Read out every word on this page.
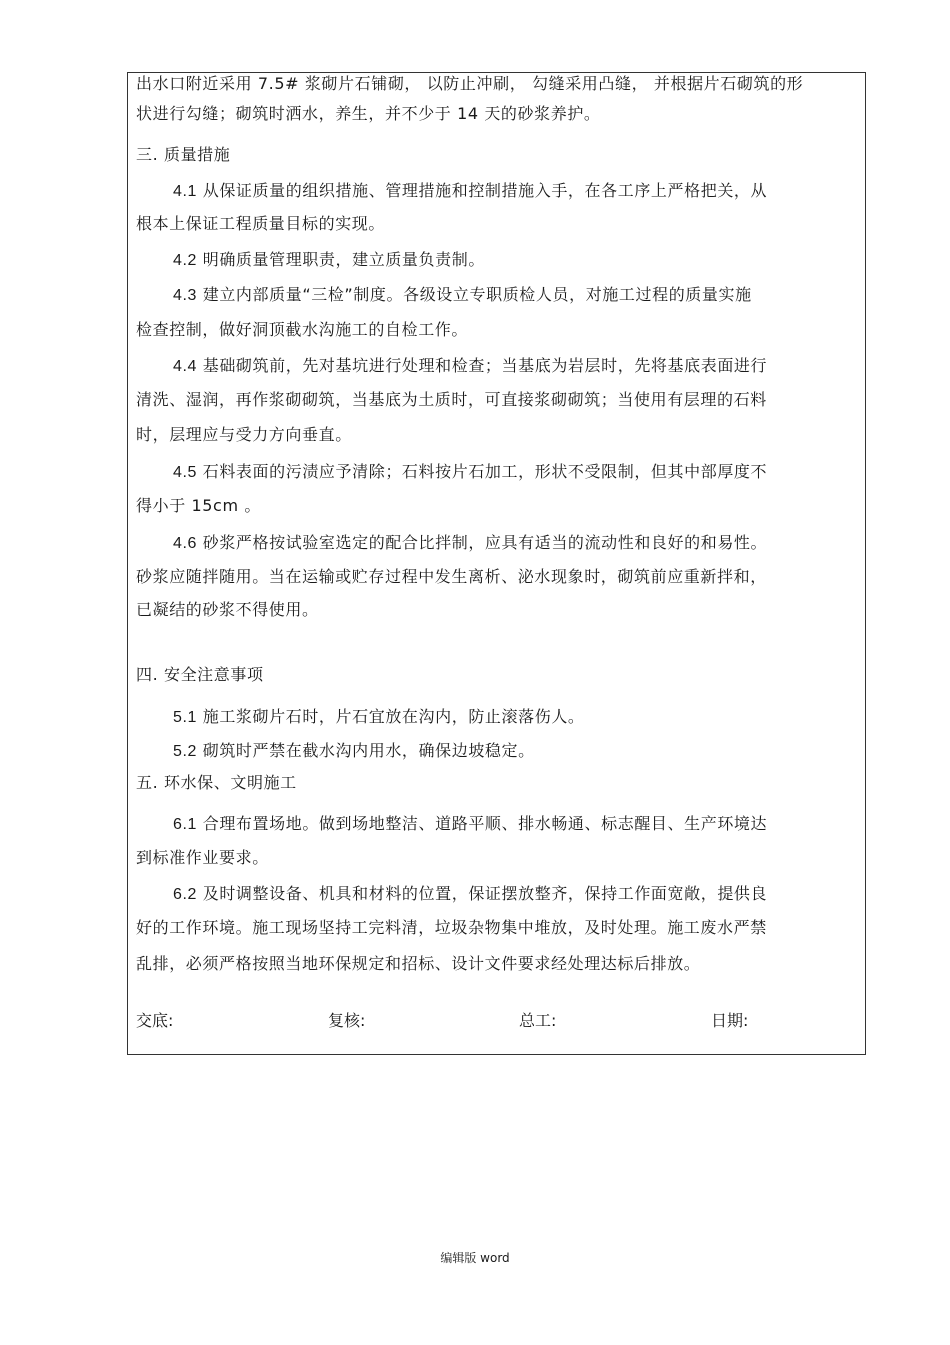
出水口附近采用 7.5# 浆砌片石铺砌， 以防止冲刷， 勾缝采用凸缝， 并根据片石砌筑的形
状进行勾缝；砌筑时洒水，养生，并不少于 14 天的砂浆养护。
三. 质量措施
4.1 从保证质量的组织措施、管理措施和控制措施入手，在各工序上严格把关，从
根本上保证工程质量目标的实现。
4.2 明确质量管理职责，建立质量负责制。
4.3 建立内部质量“三检”制度。各级设立专职质检人员，对施工过程的质量实施
检查控制，做好洞顶截水沟施工的自检工作。
4.4 基础砌筑前，先对基坑进行处理和检查；当基底为岩层时，先将基底表面进行
清洗、湿润，再作浆砌砌筑，当基底为土质时，可直接浆砌砌筑；当使用有层理的石料
时，层理应与受力方向垂直。
4.5 石料表面的污渍应予清除；石料按片石加工，形状不受限制，但其中部厚度不
得小于 15cm 。
4.6 砂浆严格按试验室选定的配合比拌制，应具有适当的流动性和良好的和易性。
砂浆应随拌随用。当在运输或贮存过程中发生离析、泌水现象时，砌筑前应重新拌和，
已凝结的砂浆不得使用。
四. 安全注意事项
5.1 施工浆砌片石时，片石宜放在沟内，防止滚落伤人。
5.2 砌筑时严禁在截水沟内用水，确保边坡稳定。
五. 环水保、文明施工
6.1 合理布置场地。做到场地整洁、道路平顺、排水畅通、标志醒目、生产环境达
到标准作业要求。
6.2 及时调整设备、机具和材料的位置，保证摆放整齐，保持工作面宽敞，提供良
好的工作环境。施工现场坚持工完料清，垃圾杂物集中堆放，及时处理。施工废水严禁
乱排，必须严格按照当地环保规定和招标、设计文件要求经处理达标后排放。
交底:	复核:	总工:	日期:
编辑版 word
